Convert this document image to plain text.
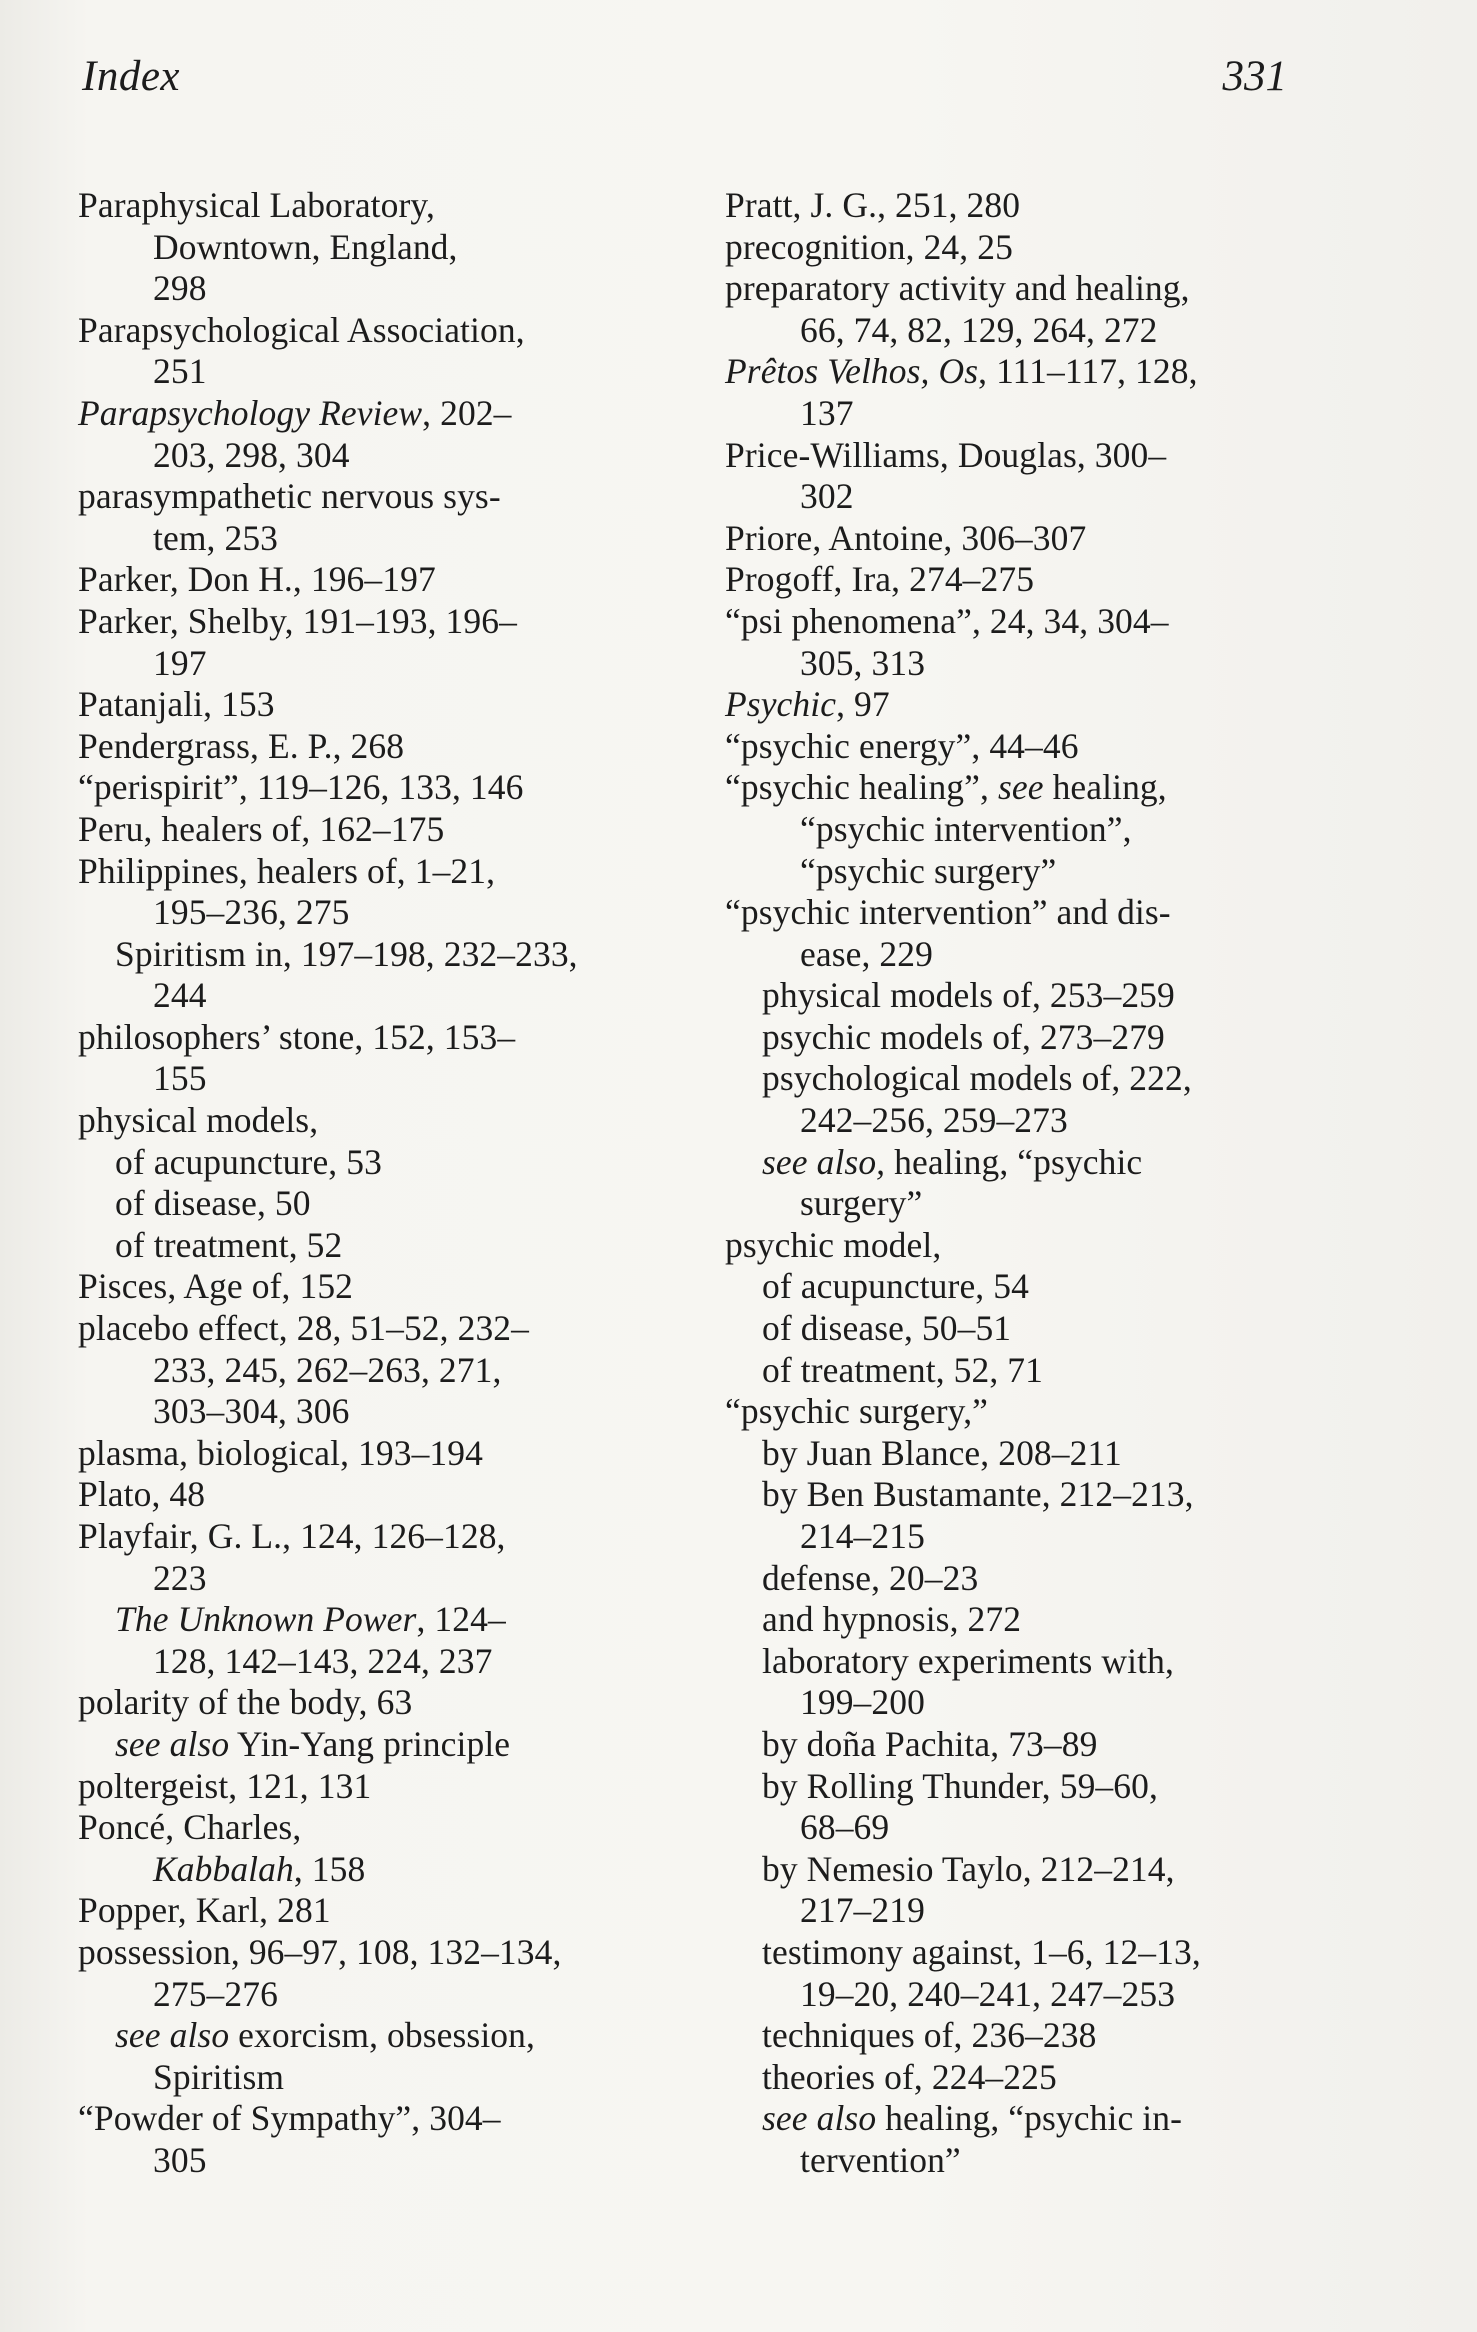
Index	331
Paraphysical Laboratory,
Downtown, England,
298
Parapsychological Association,
251
Parapsychology Review, 202–
203, 298, 304
parasympathetic nervous sys-
tem, 253
Parker, Don H., 196–197
Parker, Shelby, 191–193, 196–
197
Patanjali, 153
Pendergrass, E. P., 268
“perispirit”, 119–126, 133, 146
Peru, healers of, 162–175
Philippines, healers of, 1–21,
195–236, 275
Spiritism in, 197–198, 232–233,
244
philosophers’ stone, 152, 153–
155
physical models,
of acupuncture, 53
of disease, 50
of treatment, 52
Pisces, Age of, 152
placebo effect, 28, 51–52, 232–
233, 245, 262–263, 271,
303–304, 306
plasma, biological, 193–194
Plato, 48
Playfair, G. L., 124, 126–128,
223
The Unknown Power, 124–
128, 142–143, 224, 237
polarity of the body, 63
see also Yin-Yang principle
poltergeist, 121, 131
Poncé, Charles,
Kabbalah, 158
Popper, Karl, 281
possession, 96–97, 108, 132–134,
275–276
see also exorcism, obsession,
Spiritism
“Powder of Sympathy”, 304–
305
Pratt, J. G., 251, 280
precognition, 24, 25
preparatory activity and healing,
66, 74, 82, 129, 264, 272
Prêtos Velhos, Os, 111–117, 128,
137
Price-Williams, Douglas, 300–
302
Priore, Antoine, 306–307
Progoff, Ira, 274–275
“psi phenomena”, 24, 34, 304–
305, 313
Psychic, 97
“psychic energy”, 44–46
“psychic healing”, see healing,
“psychic intervention”,
“psychic surgery”
“psychic intervention” and dis-
ease, 229
physical models of, 253–259
psychic models of, 273–279
psychological models of, 222,
242–256, 259–273
see also, healing, “psychic
surgery”
psychic model,
of acupuncture, 54
of disease, 50–51
of treatment, 52, 71
“psychic surgery,”
by Juan Blance, 208–211
by Ben Bustamante, 212–213,
214–215
defense, 20–23
and hypnosis, 272
laboratory experiments with,
199–200
by doña Pachita, 73–89
by Rolling Thunder, 59–60,
68–69
by Nemesio Taylo, 212–214,
217–219
testimony against, 1–6, 12–13,
19–20, 240–241, 247–253
techniques of, 236–238
theories of, 224–225
see also healing, “psychic in-
tervention”
